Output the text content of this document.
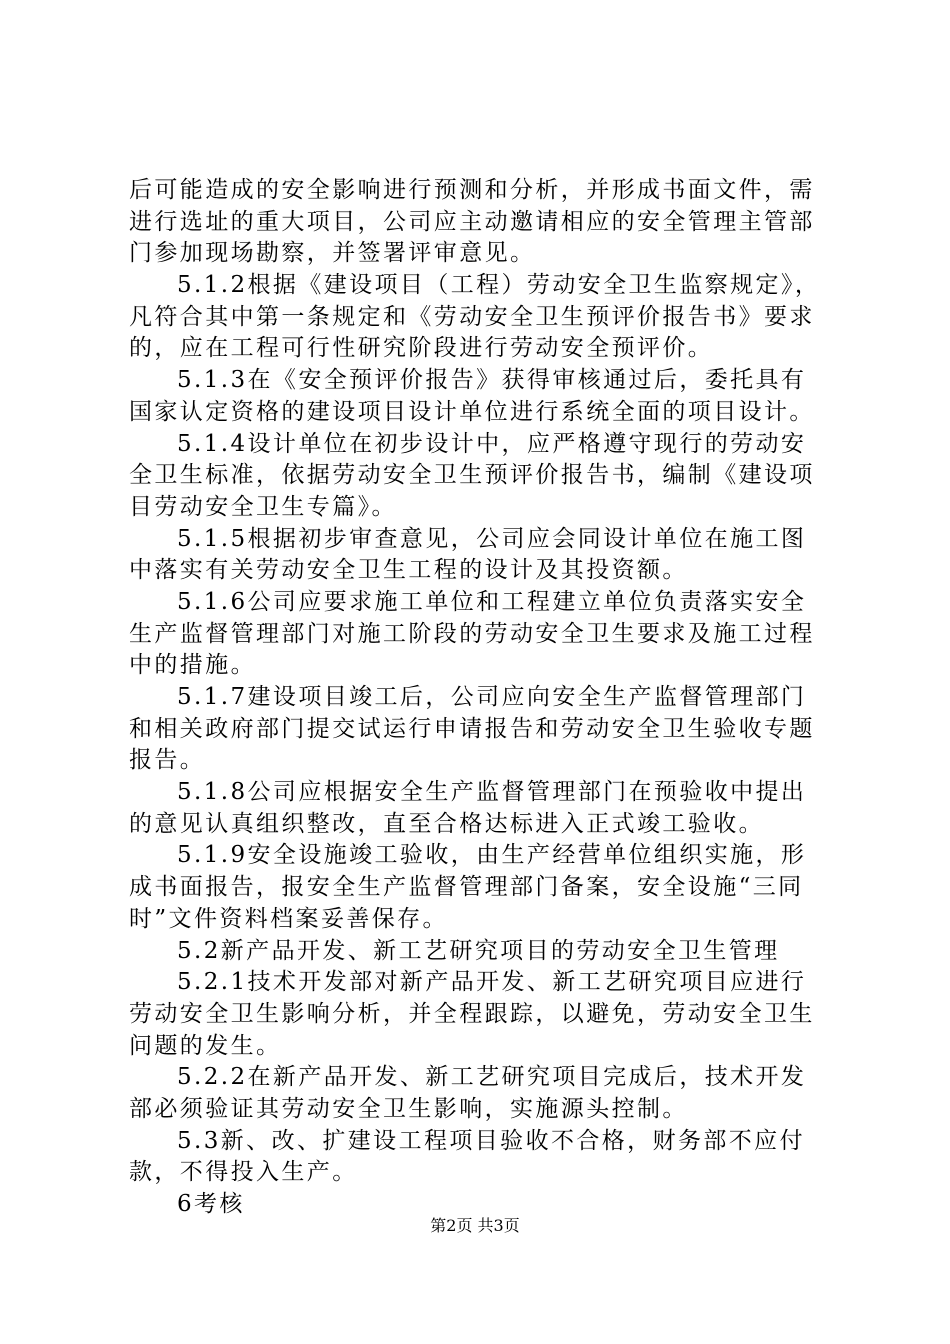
后可能造成的安全影响进行预测和分析，并形成书面文件，需
进行选址的重大项目，公司应主动邀请相应的安全管理主管部
门参加现场勘察，并签署评审意见。
5.1.2根据《建设项目（工程）劳动安全卫生监察规定》，
凡符合其中第一条规定和《劳动安全卫生预评价报告书》要求
的，应在工程可行性研究阶段进行劳动安全预评价。
5.1.3在《安全预评价报告》获得审核通过后，委托具有
国家认定资格的建设项目设计单位进行系统全面的项目设计。
5.1.4设计单位在初步设计中，应严格遵守现行的劳动安
全卫生标准，依据劳动安全卫生预评价报告书，编制《建设项
目劳动安全卫生专篇》。
5.1.5根据初步审查意见，公司应会同设计单位在施工图
中落实有关劳动安全卫生工程的设计及其投资额。
5.1.6公司应要求施工单位和工程建立单位负责落实安全
生产监督管理部门对施工阶段的劳动安全卫生要求及施工过程
中的措施。
5.1.7建设项目竣工后，公司应向安全生产监督管理部门
和相关政府部门提交试运行申请报告和劳动安全卫生验收专题
报告。
5.1.8公司应根据安全生产监督管理部门在预验收中提出
的意见认真组织整改，直至合格达标进入正式竣工验收。
5.1.9安全设施竣工验收，由生产经营单位组织实施，形
成书面报告，报安全生产监督管理部门备案，安全设施“三同
时”文件资料档案妥善保存。
5.2新产品开发、新工艺研究项目的劳动安全卫生管理
5.2.1技术开发部对新产品开发、新工艺研究项目应进行
劳动安全卫生影响分析，并全程跟踪，以避免，劳动安全卫生
问题的发生。
5.2.2在新产品开发、新工艺研究项目完成后，技术开发
部必须验证其劳动安全卫生影响，实施源头控制。
5.3新、改、扩建设工程项目验收不合格，财务部不应付
款，不得投入生产。
6考核
第2页 共3页
